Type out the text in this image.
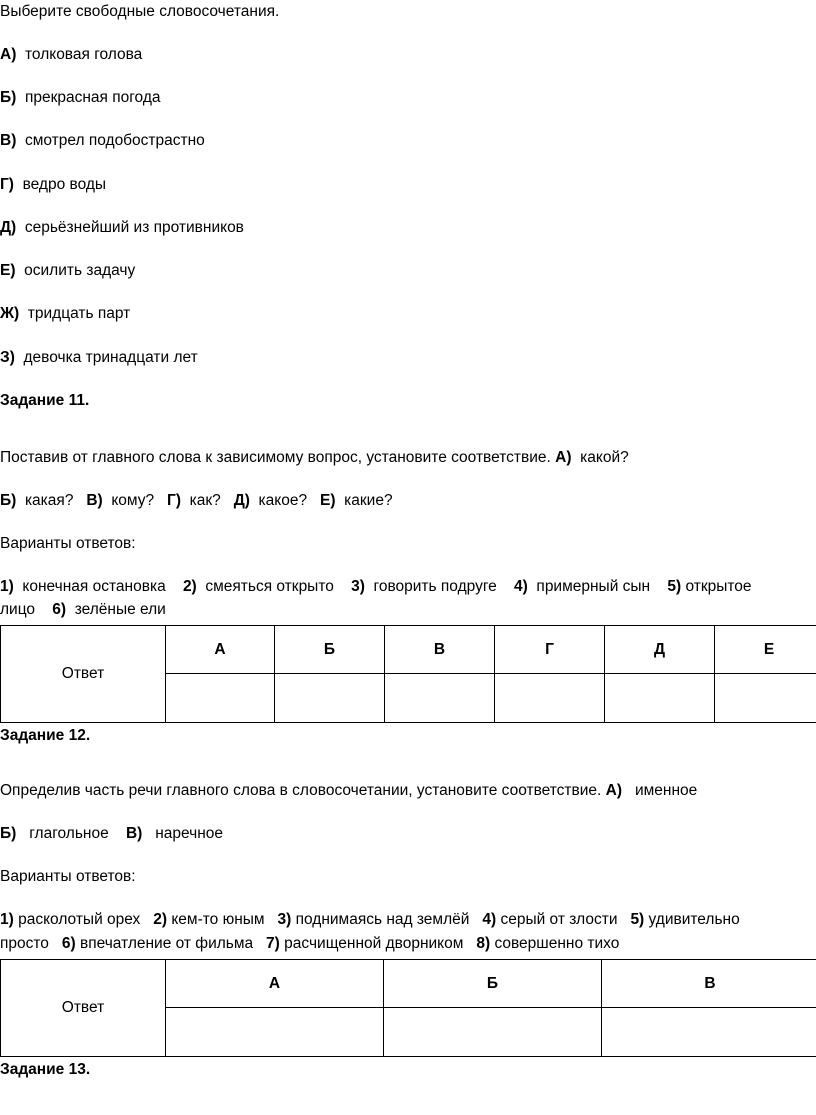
Выберите свободные словосочетания.
А) толковая голова
Б) прекрасная погода
В) смотрел подобострастно
Г) ведро воды
Д) серьёзнейший из противников
Е) осилить задачу
Ж) тридцать парт
З) девочка тринадцати лет
Задание 11.
Поставив от главного слова к зависимому вопрос, установите соответствие. А) какой?
Б) какая? В) кому? Г) как? Д) какое? Е) какие?
Варианты ответов:
1) конечная остановка 2) смеяться открыто 3) говорить подруге 4) примерный сын 5) открытое
лицо 6) зелёные ели
Ответ	А	Б	В	Г	Д	Е

Задание 12.
Определив часть речи главного слова в словосочетании, установите соответствие. А) именное
Б) глагольное В) наречное
Варианты ответов:
1) расколотый орех 2) кем-то юным 3) поднимаясь над землёй 4) серый от злости 5) удивительно
просто 6) впечатление от фильма 7) расчищенной дворником 8) совершенно тихо
Ответ	А	Б	В

Задание 13.
